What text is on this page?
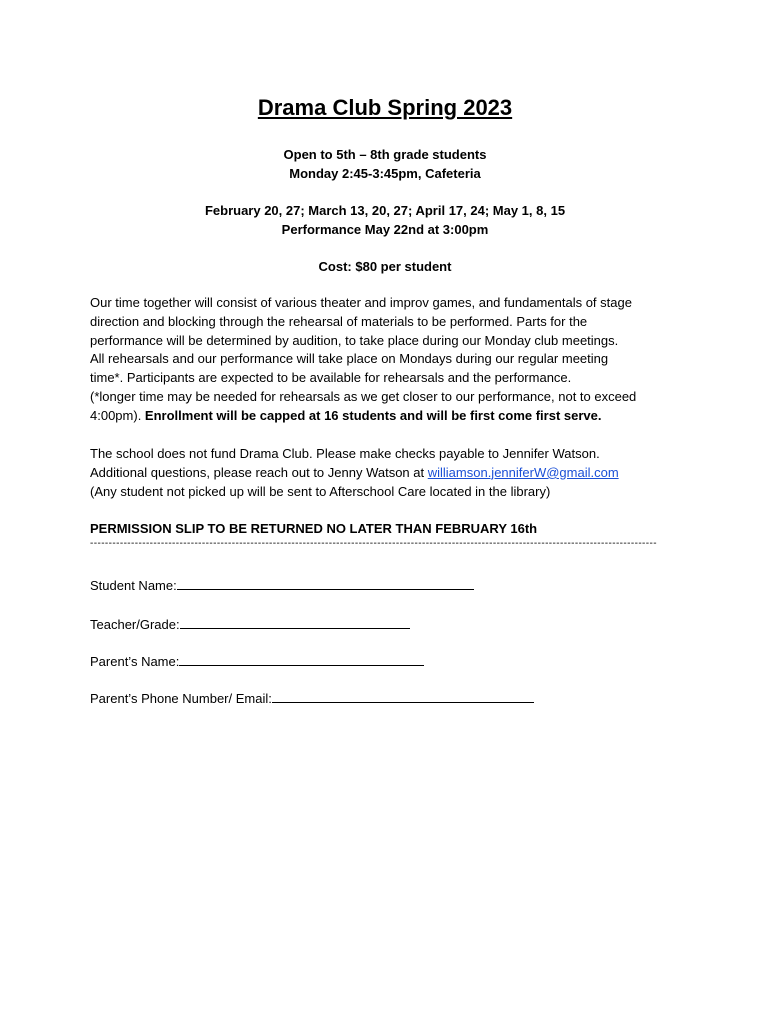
Drama Club Spring 2023
Open to 5th – 8th grade students
Monday 2:45-3:45pm, Cafeteria
February 20, 27; March 13, 20, 27; April 17, 24; May 1, 8, 15
Performance May 22nd at 3:00pm
Cost: $80 per student
Our time together will consist of various theater and improv games, and fundamentals of stage
direction and blocking through the rehearsal of materials to be performed. Parts for the
performance will be determined by audition, to take place during our Monday club meetings.
All rehearsals and our performance will take place on Mondays during our regular meeting
time*. Participants are expected to be available for rehearsals and the performance.
(*longer time may be needed for rehearsals as we get closer to our performance, not to exceed
4:00pm). Enrollment will be capped at 16 students and will be first come first serve.
The school does not fund Drama Club. Please make checks payable to Jennifer Watson.
Additional questions, please reach out to Jenny Watson at williamson.jenniferW@gmail.com
(Any student not picked up will be sent to Afterschool Care located in the library)
PERMISSION SLIP TO BE RETURNED NO LATER THAN FEBRUARY 16th
--------------------------------------------------------------------------------------------------------------------------------------------------------
Student Name:
Teacher/Grade:
Parent’s Name:
Parent’s Phone Number/ Email:
